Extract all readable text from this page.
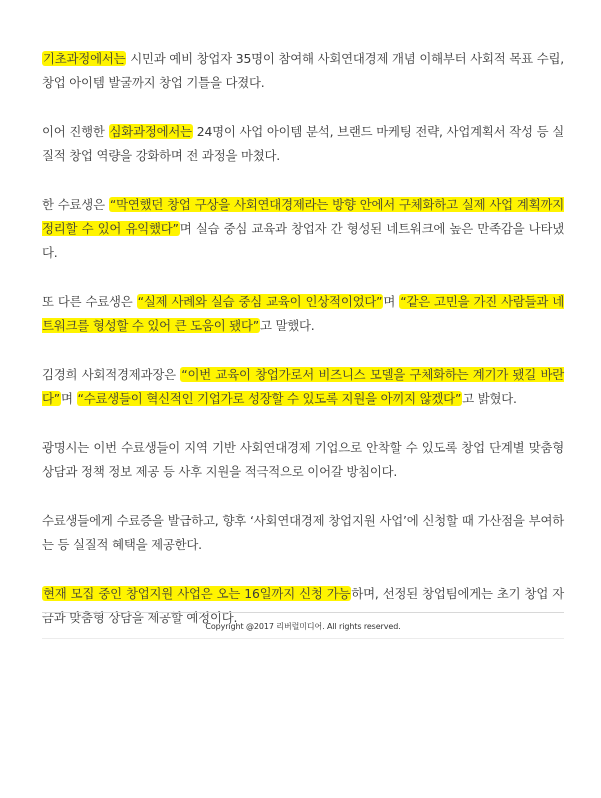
기초과정에서는 시민과 예비 창업자 35명이 참여해 사회연대경제 개념 이해부터 사회적 목표 수립, 창업 아이템 발굴까지 창업 기틀을 다졌다.

이어 진행한 심화과정에서는 24명이 사업 아이템 분석, 브랜드 마케팅 전략, 사업계획서 작성 등 실질적 창업 역량을 강화하며 전 과정을 마쳤다.

한 수료생은 “막연했던 창업 구상을 사회연대경제라는 방향 안에서 구체화하고 실제 사업 계획까지 정리할 수 있어 유익했다”며 실습 중심 교육과 창업자 간 형성된 네트워크에 높은 만족감을 나타냈다.

또 다른 수료생은 “실제 사례와 실습 중심 교육이 인상적이었다”며 “같은 고민을 가진 사람들과 네트워크를 형성할 수 있어 큰 도움이 됐다”고 말했다.

김경희 사회적경제과장은 “이번 교육이 창업가로서 비즈니스 모델을 구체화하는 계기가 됐길 바란다”며 “수료생들이 혁신적인 기업가로 성장할 수 있도록 지원을 아끼지 않겠다”고 밝혔다.

광명시는 이번 수료생들이 지역 기반 사회연대경제 기업으로 안착할 수 있도록 창업 단계별 맞춤형 상담과 정책 정보 제공 등 사후 지원을 적극적으로 이어갈 방침이다.

수료생들에게 수료증을 발급하고, 향후 ‘사회연대경제 창업지원 사업’에 신청할 때 가산점을 부여하는 등 실질적 혜택을 제공한다.

현재 모집 중인 창업지원 사업은 오는 16일까지 신청 가능하며, 선정된 창업팀에게는 초기 창업 자금과 맞춤형 상담을 제공할 예정이다.

Copyright @2017 리버럴미디어. All rights reserved.
